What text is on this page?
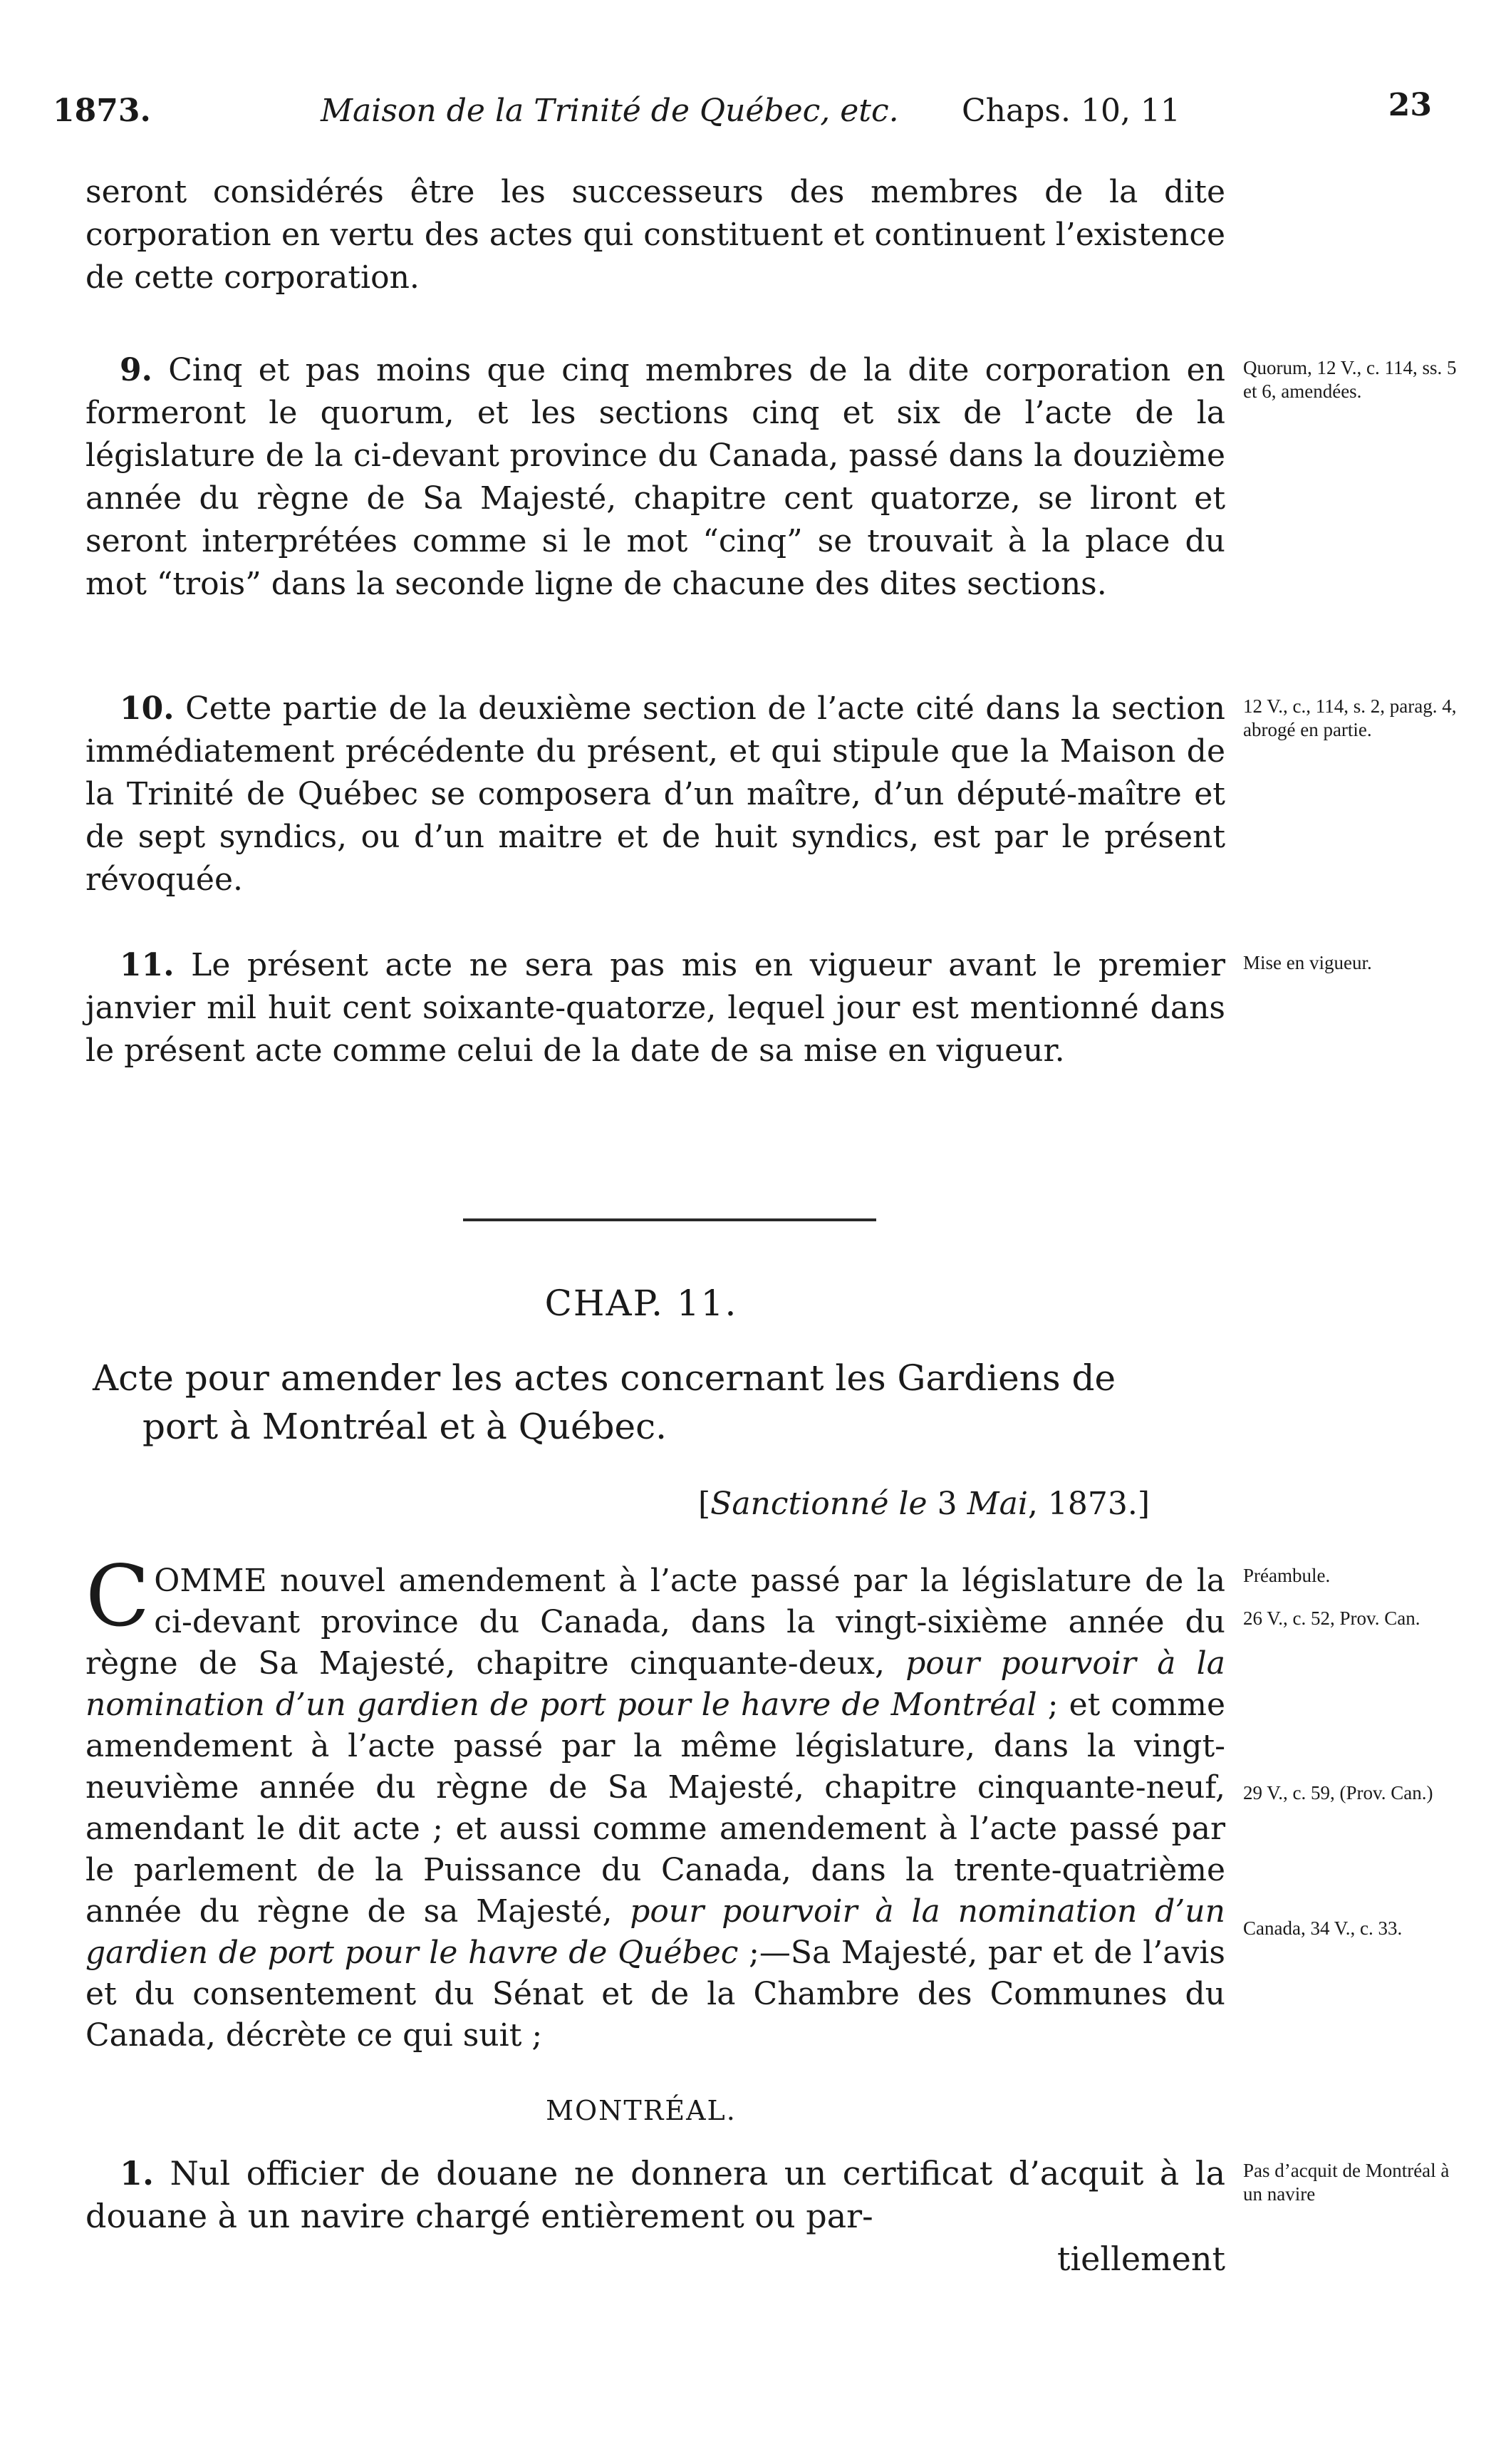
1873.	Maison de la Trinité de Québec, etc. Chaps. 10, 11	23

seront considérés être les successeurs des membres de la dite corporation en vertu des actes qui constituent et continuent l’existence de cette corporation.

9. Cinq et pas moins que cinq membres de la dite corporation en formeront le quorum, et les sections cinq et six de l’acte de la législature de la ci-devant province du Canada, passé dans la douzième année du règne de Sa Majesté, chapitre cent quatorze, se liront et seront interprétées comme si le mot “cinq” se trouvait à la place du mot “trois” dans la seconde ligne de chacune des dites sections.

Quorum, 12 V., c. 114, ss. 5 et 6, amendées.

10. Cette partie de la deuxième section de l’acte cité dans la section immédiatement précédente du présent, et qui stipule que la Maison de la Trinité de Québec se composera d’un maître, d’un député-maître et de sept syndics, ou d’un maitre et de huit syndics, est par le présent révoquée.

12 V., c., 114, s. 2, parag. 4, abrogé en partie.

11. Le présent acte ne sera pas mis en vigueur avant le premier janvier mil huit cent soixante-quatorze, lequel jour est mentionné dans le présent acte comme celui de la date de sa mise en vigueur.

Mise en vigueur.
CHAP. 11.
Acte pour amender les actes concernant les Gardiens de
port à Montréal et à Québec.
[Sanctionné le 3 Mai, 1873.]
COMME nouvel amendement à l’acte passé par la législature de la ci-devant province du Canada, dans la vingt-sixième année du règne de Sa Majesté, chapitre cinquante-deux, pour pourvoir à la nomination d’un gardien de port pour le havre de Montréal ; et comme amendement à l’acte passé par la même législature, dans la vingt-neuvième année du règne de Sa Majesté, chapitre cinquante-neuf, amendant le dit acte ; et aussi comme amendement à l’acte passé par le parlement de la Puissance du Canada, dans la trente-quatrième année du règne de sa Majesté, pour pourvoir à la nomination d’un gardien de port pour le havre de Québec ;—Sa Majesté, par et de l’avis et du consentement du Sénat et de la Chambre des Communes du Canada, décrète ce qui suit ;
Préambule.
26 V., c. 52, Prov. Can.
29 V., c. 59, (Prov. Can.)
Canada, 34 V., c. 33.
MONTRÉAL.

1. Nul officier de douane ne donnera un certificat d’acquit à la douane à un navire chargé entièrement ou par-

tiellement

Pas d’acquit de Montréal à un navire
